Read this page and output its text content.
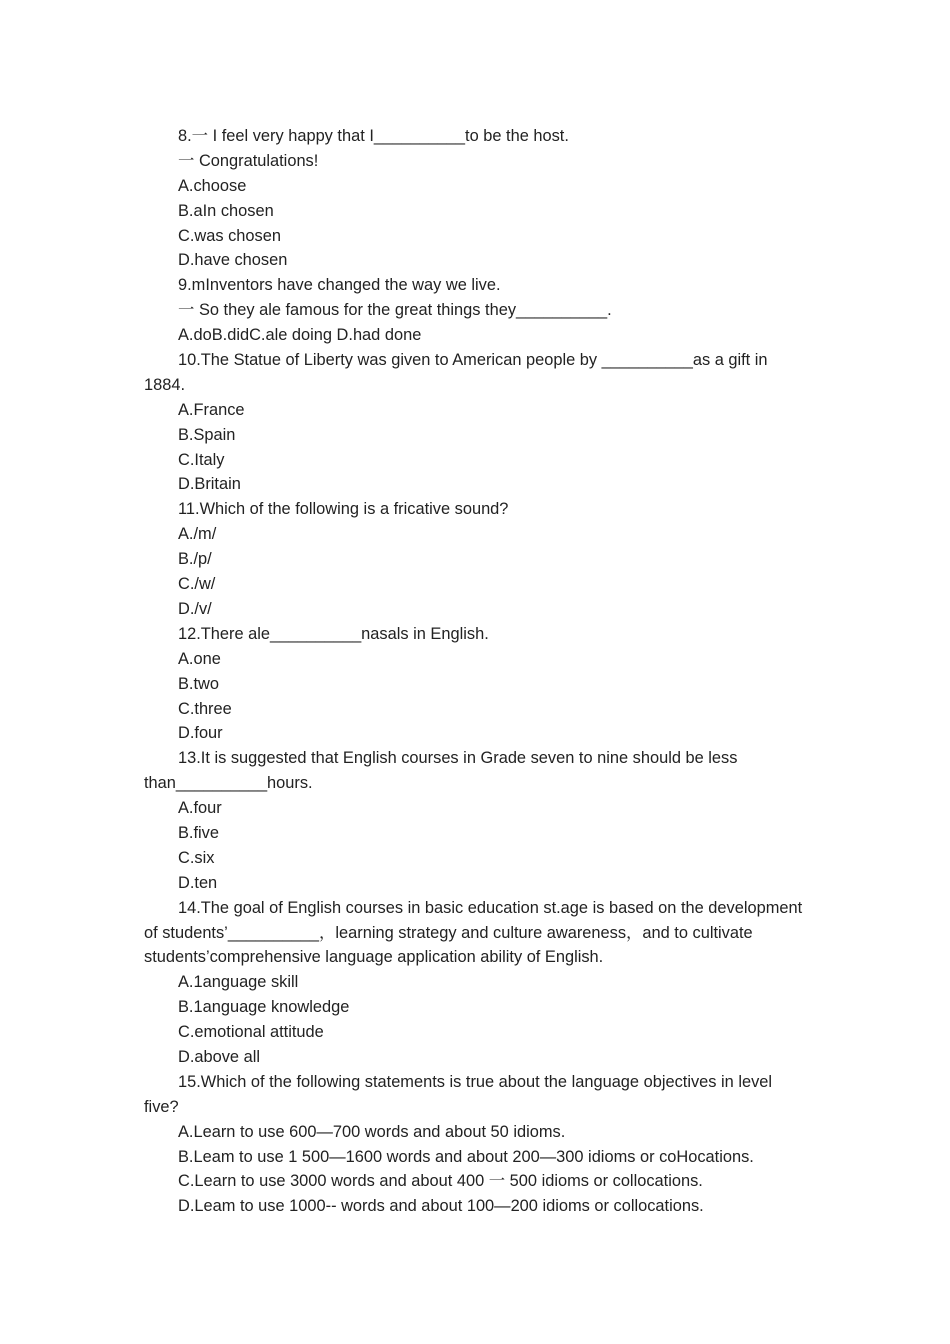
8.一 I feel very happy that I__________to be the host.

一 Congratulations!

A.choose

B.aIn chosen

C.was chosen

D.have chosen

9.mInventors have changed the way we live.

一 So they ale famous for the great things they__________.

A.doB.didC.ale doing D.had done

10.The Statue of Liberty was given to American people by __________as a gift in 1884.

A.France

B.Spain

C.Italy

D.Britain

11.Which of the following is a fricative sound?

A./m/

B./p/

C./w/

D./v/

12.There ale__________nasals in English.

A.one

B.two

C.three

D.four

13.It is suggested that English courses in Grade seven to nine should be less than__________hours.

A.four

B.five

C.six

D.ten

14.The goal of English courses in basic education st.age is based on the development of students’__________，learning strategy and culture awareness，and to cultivate students’comprehensive language application ability of English.

A.1anguage skill

B.1anguage knowledge

C.emotional attitude

D.above all

15.Which of the following statements is true about the language objectives in level five?

A.Learn to use 600—700 words and about 50 idioms.

B.Leam to use 1 500—1600 words and about 200—300 idioms or coHocations.

C.Learn to use 3000 words and about 400 一 500 idioms or collocations.

D.Leam to use 1000-- words and about 100—200 idioms or collocations.
